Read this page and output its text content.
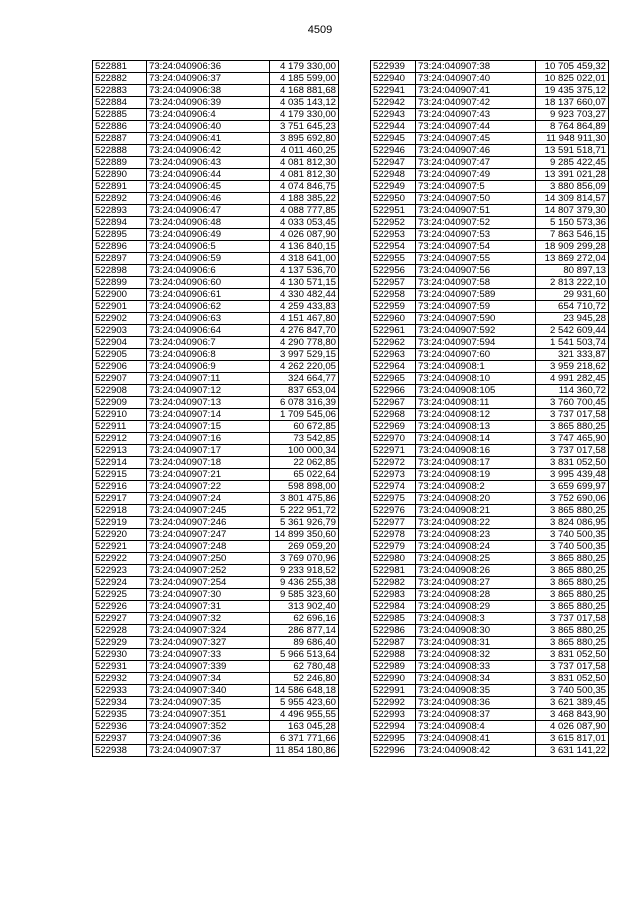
4509
522881	73:24:040906:36	4 179 330,00
522882	73:24:040906:37	4 185 599,00
522883	73:24:040906:38	4 168 881,68
522884	73:24:040906:39	4 035 143,12
522885	73:24:040906:4	4 179 330,00
522886	73:24:040906:40	3 751 645,23
522887	73:24:040906:41	3 895 692,80
522888	73:24:040906:42	4 011 460,25
522889	73:24:040906:43	4 081 812,30
522890	73:24:040906:44	4 081 812,30
522891	73:24:040906:45	4 074 846,75
522892	73:24:040906:46	4 188 385,22
522893	73:24:040906:47	4 088 777,85
522894	73:24:040906:48	4 033 053,45
522895	73:24:040906:49	4 026 087,90
522896	73:24:040906:5	4 136 840,15
522897	73:24:040906:59	4 318 641,00
522898	73:24:040906:6	4 137 536,70
522899	73:24:040906:60	4 130 571,15
522900	73:24:040906:61	4 330 482,44
522901	73:24:040906:62	4 259 433,83
522902	73:24:040906:63	4 151 467,80
522903	73:24:040906:64	4 276 847,70
522904	73:24:040906:7	4 290 778,80
522905	73:24:040906:8	3 997 529,15
522906	73:24:040906:9	4 262 220,05
522907	73:24:040907:11	324 664,77
522908	73:24:040907:12	837 653,04
522909	73:24:040907:13	6 078 316,39
522910	73:24:040907:14	1 709 545,06
522911	73:24:040907:15	60 672,85
522912	73:24:040907:16	73 542,85
522913	73:24:040907:17	100 000,34
522914	73:24:040907:18	22 062,85
522915	73:24:040907:21	65 022,64
522916	73:24:040907:22	598 898,00
522917	73:24:040907:24	3 801 475,86
522918	73:24:040907:245	5 222 951,72
522919	73:24:040907:246	5 361 926,79
522920	73:24:040907:247	14 899 350,60
522921	73:24:040907:248	269 059,20
522922	73:24:040907:250	3 769 070,96
522923	73:24:040907:252	9 233 918,52
522924	73:24:040907:254	9 436 255,38
522925	73:24:040907:30	9 585 323,60
522926	73:24:040907:31	313 902,40
522927	73:24:040907:32	62 696,16
522928	73:24:040907:324	286 877,14
522929	73:24:040907:327	89 686,40
522930	73:24:040907:33	5 966 513,64
522931	73:24:040907:339	62 780,48
522932	73:24:040907:34	52 246,80
522933	73:24:040907:340	14 586 648,18
522934	73:24:040907:35	5 955 423,60
522935	73:24:040907:351	4 496 955,55
522936	73:24:040907:352	163 045,28
522937	73:24:040907:36	6 371 771,66
522938	73:24:040907:37	11 854 180,86
522939	73:24:040907:38	10 705 459,32
522940	73:24:040907:40	10 825 022,01
522941	73:24:040907:41	19 435 375,12
522942	73:24:040907:42	18 137 660,07
522943	73:24:040907:43	9 923 703,27
522944	73:24:040907:44	8 764 864,89
522945	73:24:040907:45	11 948 911,30
522946	73:24:040907:46	13 591 518,71
522947	73:24:040907:47	9 285 422,45
522948	73:24:040907:49	13 391 021,28
522949	73:24:040907:5	3 880 856,09
522950	73:24:040907:50	14 309 814,57
522951	73:24:040907:51	14 807 379,30
522952	73:24:040907:52	5 150 573,36
522953	73:24:040907:53	7 863 546,15
522954	73:24:040907:54	18 909 299,28
522955	73:24:040907:55	13 869 272,04
522956	73:24:040907:56	80 897,13
522957	73:24:040907:58	2 813 222,10
522958	73:24:040907:589	29 931,60
522959	73:24:040907:59	654 710,72
522960	73:24:040907:590	23 945,28
522961	73:24:040907:592	2 542 609,44
522962	73:24:040907:594	1 541 503,74
522963	73:24:040907:60	321 333,87
522964	73:24:040908:1	3 959 218,62
522965	73:24:040908:10	4 991 282,45
522966	73:24:040908:105	114 360,72
522967	73:24:040908:11	3 760 700,45
522968	73:24:040908:12	3 737 017,58
522969	73:24:040908:13	3 865 880,25
522970	73:24:040908:14	3 747 465,90
522971	73:24:040908:16	3 737 017,58
522972	73:24:040908:17	3 831 052,50
522973	73:24:040908:19	3 995 439,48
522974	73:24:040908:2	3 659 699,97
522975	73:24:040908:20	3 752 690,06
522976	73:24:040908:21	3 865 880,25
522977	73:24:040908:22	3 824 086,95
522978	73:24:040908:23	3 740 500,35
522979	73:24:040908:24	3 740 500,35
522980	73:24:040908:25	3 865 880,25
522981	73:24:040908:26	3 865 880,25
522982	73:24:040908:27	3 865 880,25
522983	73:24:040908:28	3 865 880,25
522984	73:24:040908:29	3 865 880,25
522985	73:24:040908:3	3 737 017,58
522986	73:24:040908:30	3 865 880,25
522987	73:24:040908:31	3 865 880,25
522988	73:24:040908:32	3 831 052,50
522989	73:24:040908:33	3 737 017,58
522990	73:24:040908:34	3 831 052,50
522991	73:24:040908:35	3 740 500,35
522992	73:24:040908:36	3 621 389,45
522993	73:24:040908:37	3 468 843,90
522994	73:24:040908:4	4 026 087,90
522995	73:24:040908:41	3 615 817,01
522996	73:24:040908:42	3 631 141,22
